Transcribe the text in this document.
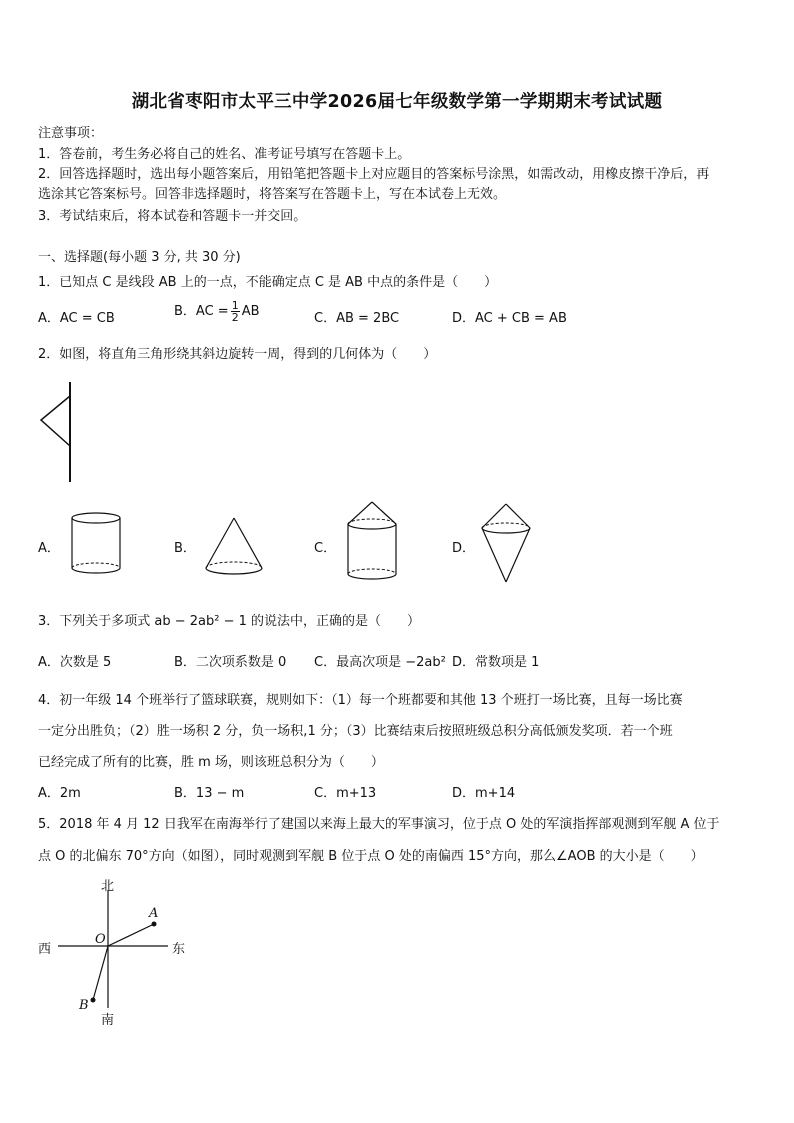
湖北省枣阳市太平三中学2026届七年级数学第一学期期末考试试题
注意事项：
1．答卷前，考生务必将自己的姓名、准考证号填写在答题卡上。
2．回答选择题时，选出每小题答案后，用铅笔把答题卡上对应题目的答案标号涂黑，如需改动，用橡皮擦干净后，再
选涂其它答案标号。回答非选择题时，将答案写在答题卡上，写在本试卷上无效。
3．考试结束后，将本试卷和答题卡一并交回。
一、选择题(每小题 3 分, 共 30 分)
1．已知点 C 是线段 AB 上的一点，不能确定点 C 是 AB 中点的条件是（　　）
A．AC = CB	B．AC = $\frac{1}{2}$ AB	C．AB = 2BC	D．AC + CB = AB
2．如图，将直角三角形绕其斜边旋转一周，得到的几何体为（　　）
A．	B．	C．	D．
3．下列关于多项式 ab − 2ab² − 1 的说法中，正确的是（　　）
A．次数是 5	B．二次项系数是 0 C．最高次项是 −2ab² D．常数项是 1
4．初一年级 14 个班举行了篮球联赛，规则如下：（1）每一个班都要和其他 13 个班打一场比赛，且每一场比赛
一定分出胜负；（2）胜一场积 2 分，负一场积,1 分；（3）比赛结束后按照班级总积分高低颁发奖项．若一个班
已经完成了所有的比赛，胜 m 场，则该班总积分为（　　）
A．2m	B．13 − m	C．m+13	D．m+14
5．2018 年 4 月 12 日我军在南海举行了建国以来海上最大的军事演习，位于点 O 处的军演指挥部观测到军舰 A 位于
点 O 的北偏东 70°方向（如图），同时观测到军舰 B 位于点 O 处的南偏西 15°方向，那么∠AOB 的大小是（　　）
北
南
西	东
O
A
B
